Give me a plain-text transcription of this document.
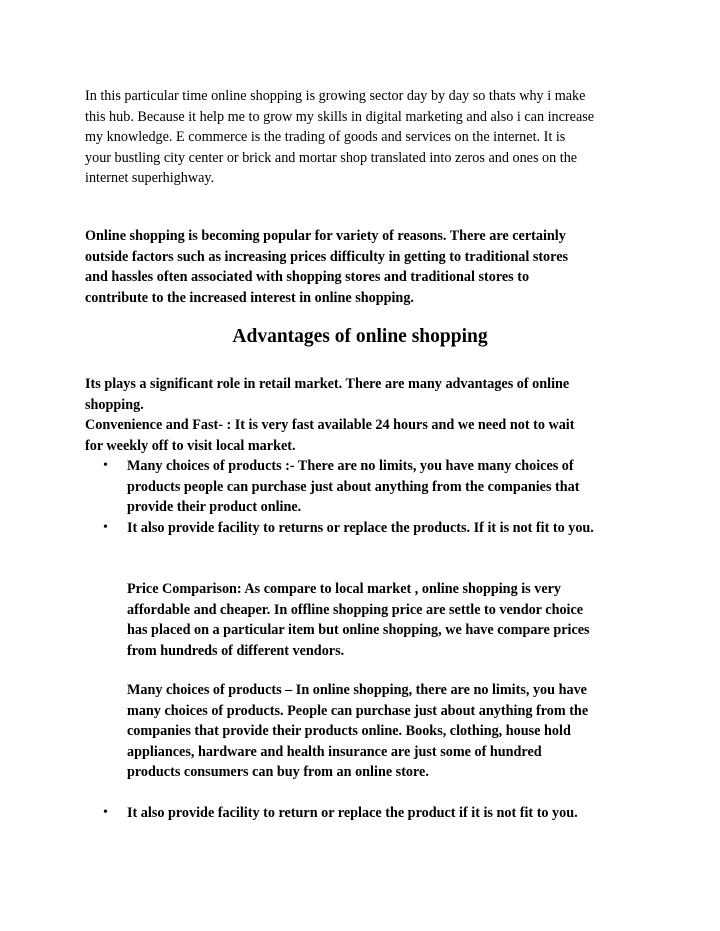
In this particular time online shopping is growing sector day by day so thats why i make
this hub. Because it help me to grow my skills in digital marketing and also i can increase
my knowledge. E commerce is the trading of goods and services on the internet. It is
your bustling city center or brick and mortar shop translated into zeros and ones on the
internet superhighway.
Online shopping is becoming popular for variety of reasons. There are certainly
outside factors such as increasing prices difficulty in getting to traditional stores
and hassles often associated with shopping stores and traditional stores to
contribute to the increased interest in online shopping.
Advantages of online shopping
Its plays a significant role in retail market. There are many advantages of online
shopping.
Convenience and Fast- : It is very fast available 24 hours and we need not to wait
for weekly off to visit local market.
• Many choices of products :- There are no limits, you have many choices of
products people can purchase just about anything from the companies that
provide their product online.
• It also provide facility to returns or replace the products. If it is not fit to you.
Price Comparison: As compare to local market , online shopping is very
affordable and cheaper. In offline shopping price are settle to vendor choice
has placed on a particular item but online shopping, we have compare prices
from hundreds of different vendors.
Many choices of products – In online shopping, there are no limits, you have
many choices of products. People can purchase just about anything from the
companies that provide their products online. Books, clothing, house hold
appliances, hardware and health insurance are just some of hundred
products consumers can buy from an online store.
• It also provide facility to return or replace the product if it is not fit to you.
